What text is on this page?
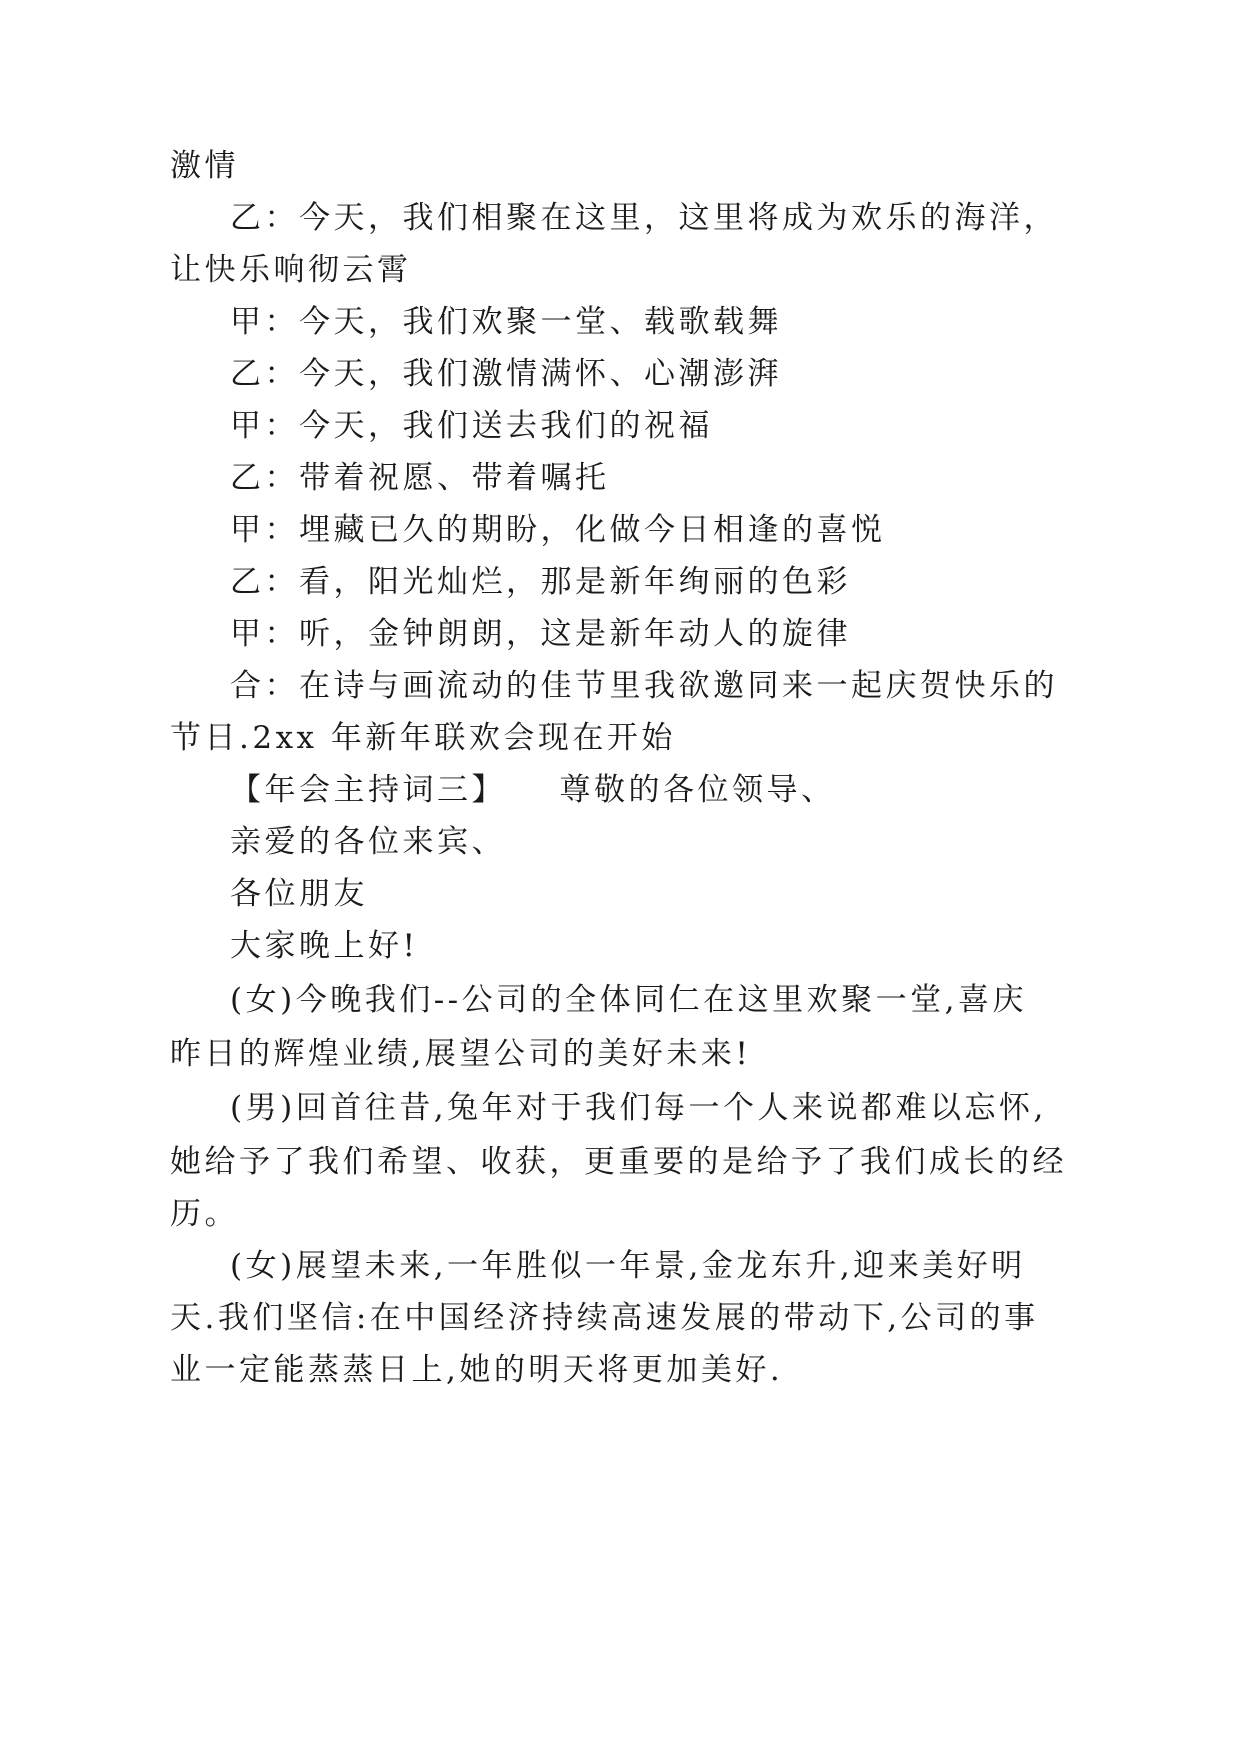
激情
乙：今天，我们相聚在这里，这里将成为欢乐的海洋，
让快乐响彻云霄
甲：今天，我们欢聚一堂、载歌载舞
乙：今天，我们激情满怀、心潮澎湃
甲：今天，我们送去我们的祝福
乙：带着祝愿、带着嘱托
甲：埋藏已久的期盼，化做今日相逢的喜悦
乙：看，阳光灿烂，那是新年绚丽的色彩
甲：听，金钟朗朗，这是新年动人的旋律
合：在诗与画流动的佳节里我欲邀同来一起庆贺快乐的
节日.2xx 年新年联欢会现在开始
【年会主持词三】　　尊敬的各位领导、
亲爱的各位来宾、
各位朋友
大家晚上好!
(女)今晚我们--公司的全体同仁在这里欢聚一堂,喜庆
昨日的辉煌业绩,展望公司的美好未来!
(男)回首往昔,兔年对于我们每一个人来说都难以忘怀,
她给予了我们希望、收获，更重要的是给予了我们成长的经
历。
(女)展望未来,一年胜似一年景,金龙东升,迎来美好明
天.我们坚信:在中国经济持续高速发展的带动下,公司的事
业一定能蒸蒸日上,她的明天将更加美好.
